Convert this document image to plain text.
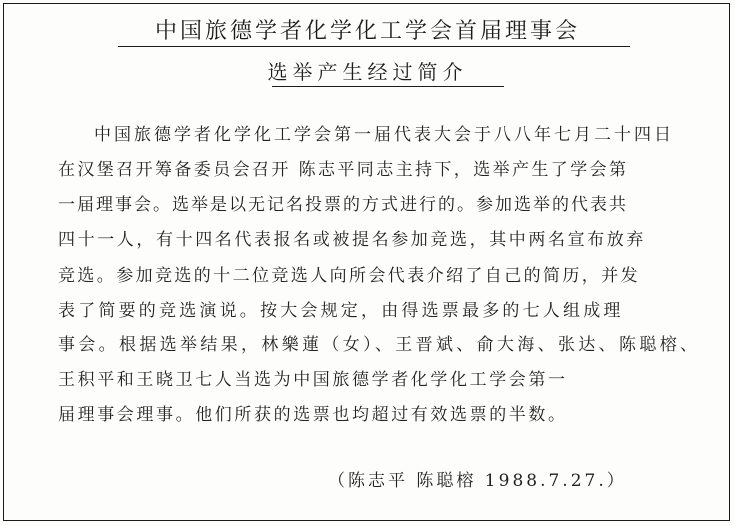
中国旅德学者化学化工学会首届理事会
选举产生经过简介
中国旅德学者化学化工学会第一届代表大会于八八年七月二十四日
在汉堡召开筹备委员会召开 陈志平同志主持下，选举产生了学会第
一届理事会。选举是以无记名投票的方式进行的。参加选举的代表共
四十一人，有十四名代表报名或被提名参加竞选，其中两名宣布放弃
竞选。参加竞选的十二位竞选人向所会代表介绍了自己的简历，并发
表了简要的竞选演说。按大会规定，由得选票最多的七人组成理
事会。根据选举结果，林樂蓮（女）、王晋斌、俞大海、张达、陈聪榕、
王积平和王晓卫七人当选为中国旅德学者化学化工学会第一
届理事会理事。他们所获的选票也均超过有效选票的半数。
（陈志平 陈聪榕 1988.7.27.）
